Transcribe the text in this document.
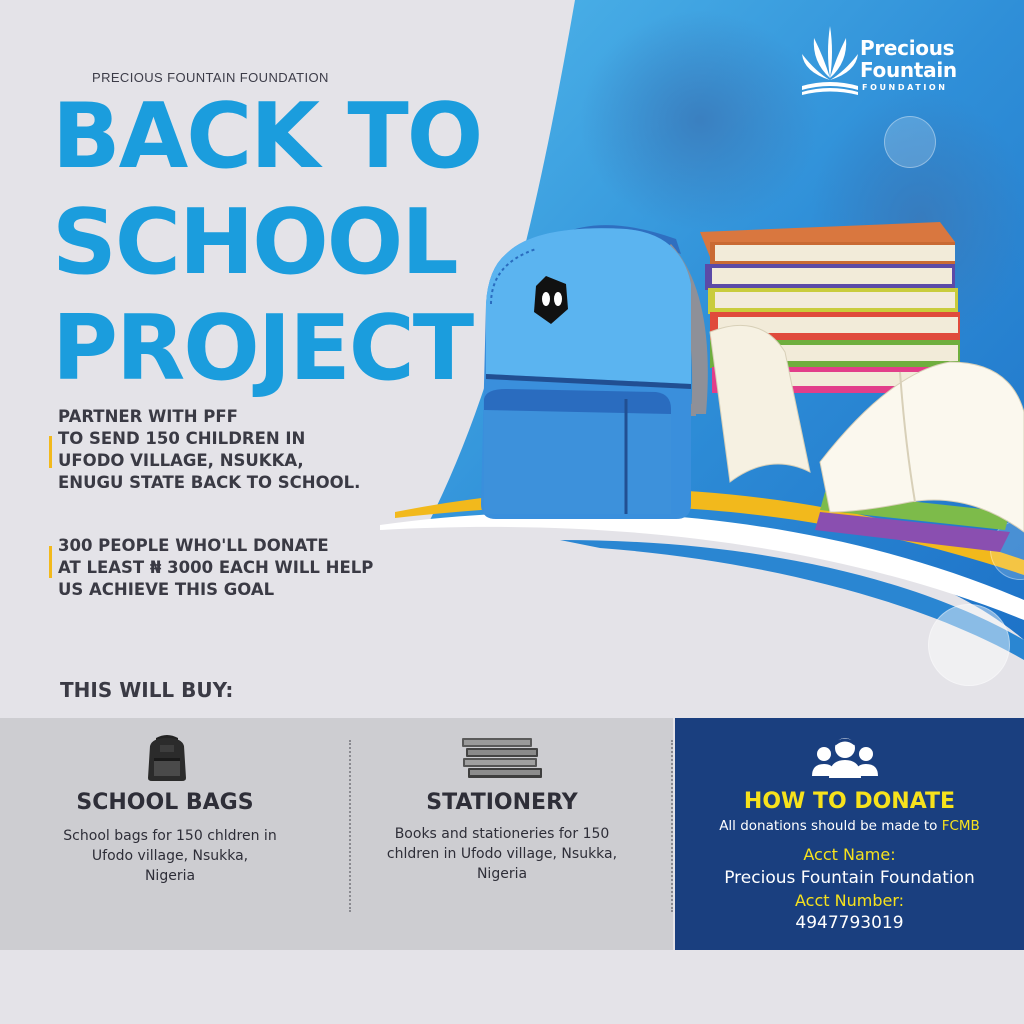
Precious
Fountain
FOUNDATION
PRECIOUS FOUNTAIN FOUNDATION
BACK TO
SCHOOL
PROJECT
PARTNER WITH PFF
TO SEND 150 CHILDREN IN
UFODO VILLAGE, NSUKKA,
ENUGU STATE BACK TO SCHOOL.
300 PEOPLE WHO'LL DONATE
AT LEAST ₦ 3000 EACH WILL HELP
US ACHIEVE THIS GOAL
THIS WILL BUY:
SCHOOL BAGS
School bags for 150 chldren in
Ufodo village, Nsukka,
Nigeria
STATIONERY
Books and stationeries for 150
chldren in Ufodo village, Nsukka,
Nigeria
HOW TO DONATE
All donations should be made to FCMB
Acct Name:
Precious Fountain Foundation
Acct Number:
4947793019
